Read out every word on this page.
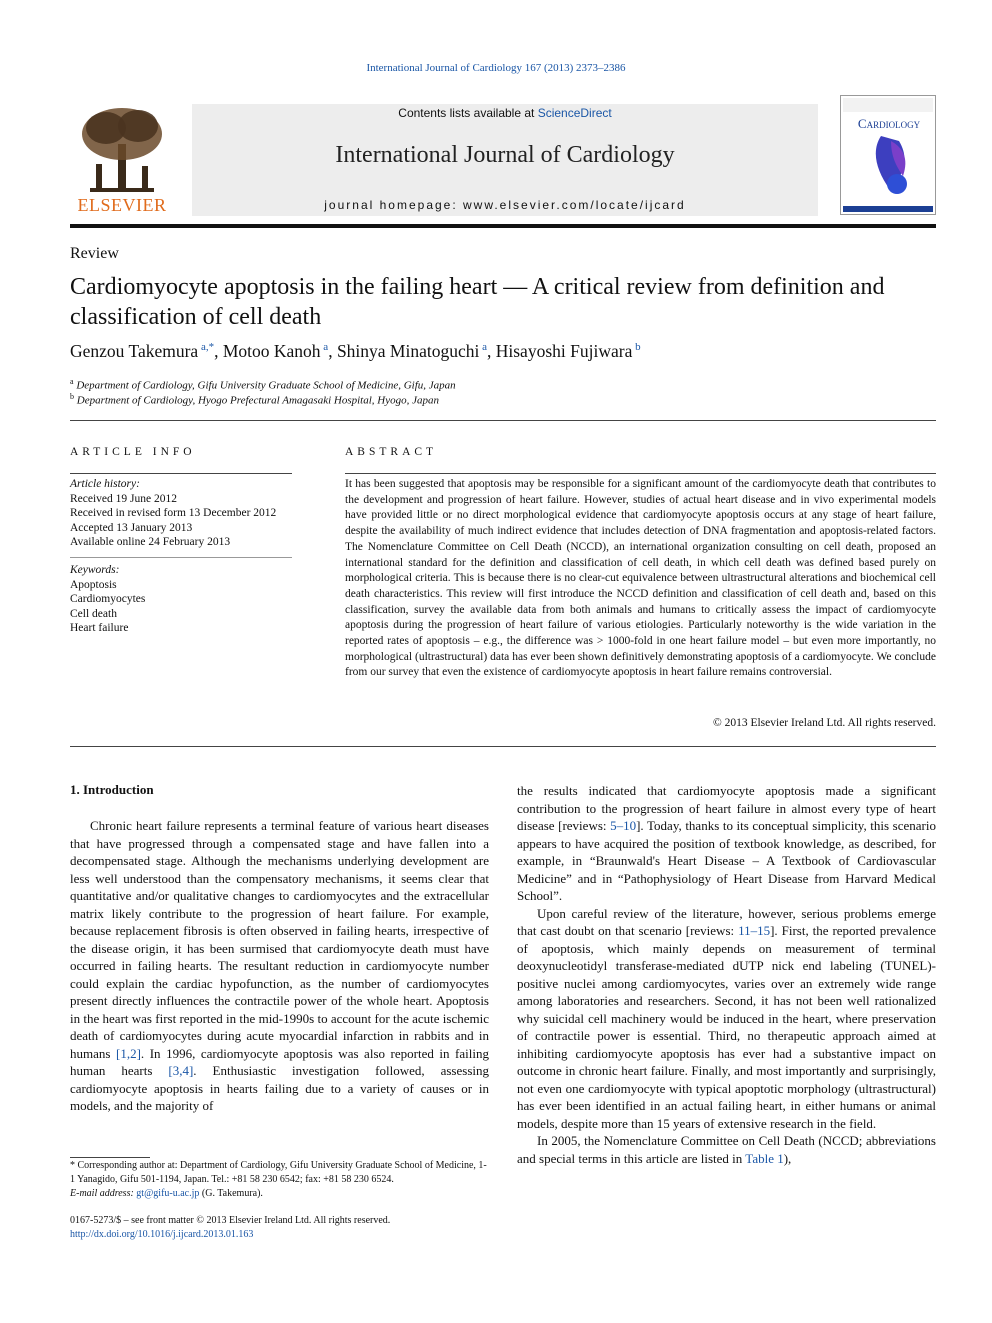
International Journal of Cardiology 167 (2013) 2373–2386
ELSEVIER
Contents lists available at ScienceDirect
International Journal of Cardiology
journal homepage: www.elsevier.com/locate/ijcard
Cardiology
Review
Cardiomyocyte apoptosis in the failing heart — A critical review from definition and classification of cell death
Genzou Takemura $^{a,*}$, Motoo Kanoh $^a$, Shinya Minatoguchi $^a$, Hisayoshi Fujiwara $^b$
$^a$ Department of Cardiology, Gifu University Graduate School of Medicine, Gifu, Japan
$^b$ Department of Cardiology, Hyogo Prefectural Amagasaki Hospital, Hyogo, Japan
ARTICLE INFO
Article history:
Received 19 June 2012
Received in revised form 13 December 2012
Accepted 13 January 2013
Available online 24 February 2013
Keywords:
Apoptosis
Cardiomyocytes
Cell death
Heart failure
ABSTRACT
It has been suggested that apoptosis may be responsible for a significant amount of the cardiomyocyte death that contributes to the development and progression of heart failure. However, studies of actual heart disease and in vivo experimental models have provided little or no direct morphological evidence that cardiomyocyte apoptosis occurs at any stage of heart failure, despite the availability of much indirect evidence that includes detection of DNA fragmentation and apoptosis-related factors. The Nomenclature Committee on Cell Death (NCCD), an international organization consulting on cell death, proposed an international standard for the definition and classification of cell death, in which cell death was defined based purely on morphological criteria. This is because there is no clear-cut equivalence between ultrastructural alterations and biochemical cell death characteristics. This review will first introduce the NCCD definition and classification of cell death and, based on this classification, survey the available data from both animals and humans to critically assess the impact of cardiomyocyte apoptosis during the progression of heart failure of various etiologies. Particularly noteworthy is the wide variation in the reported rates of apoptosis – e.g., the difference was > 1000-fold in one heart failure model – but even more importantly, no morphological (ultrastructural) data has ever been shown definitively demonstrating apoptosis of a cardiomyocyte. We conclude from our survey that even the existence of cardiomyocyte apoptosis in heart failure remains controversial.
© 2013 Elsevier Ireland Ltd. All rights reserved.
1. Introduction

Chronic heart failure represents a terminal feature of various heart diseases that have progressed through a compensated stage and have fallen into a decompensated stage. Although the mechanisms underlying development are less well understood than the compensatory mechanisms, it seems clear that quantitative and/or qualitative changes to cardiomyocytes and the extracellular matrix likely contribute to the progression of heart failure. For example, because replacement fibrosis is often observed in failing hearts, irrespective of the disease origin, it has been surmised that cardiomyocyte death must have occurred in failing hearts. The resultant reduction in cardiomyocyte number could explain the cardiac hypofunction, as the number of cardiomyocytes present directly influences the contractile power of the whole heart. Apoptosis in the heart was first reported in the mid-1990s to account for the acute ischemic death of cardiomyocytes during acute myocardial infarction in rabbits and in humans [1,2]. In 1996, cardiomyocyte apoptosis was also reported in failing human hearts [3,4]. Enthusiastic investigation followed, assessing cardiomyocyte apoptosis in hearts failing due to a variety of causes or in models, and the majority of

the results indicated that cardiomyocyte apoptosis made a significant contribution to the progression of heart failure in almost every type of heart disease [reviews: 5–10]. Today, thanks to its conceptual simplicity, this scenario appears to have acquired the position of textbook knowledge, as described, for example, in “Braunwald's Heart Disease – A Textbook of Cardiovascular Medicine” and in “Pathophysiology of Heart Disease from Harvard Medical School”.

Upon careful review of the literature, however, serious problems emerge that cast doubt on that scenario [reviews: 11–15]. First, the reported prevalence of apoptosis, which mainly depends on measurement of terminal deoxynucleotidyl transferase-mediated dUTP nick end labeling (TUNEL)-positive nuclei among cardiomyocytes, varies over an extremely wide range among laboratories and researchers. Second, it has not been well rationalized why suicidal cell machinery would be induced in the heart, where preservation of contractile power is essential. Third, no therapeutic approach aimed at inhibiting cardiomyocyte apoptosis has ever had a substantive impact on outcome in chronic heart failure. Finally, and most importantly and surprisingly, not even one cardiomyocyte with typical apoptotic morphology (ultrastructural) has ever been identified in an actual failing heart, in either humans or animal models, despite more than 15 years of extensive research in the field.

In 2005, the Nomenclature Committee on Cell Death (NCCD; abbreviations and special terms in this article are listed in Table 1),

* Corresponding author at: Department of Cardiology, Gifu University Graduate School of Medicine, 1-1 Yanagido, Gifu 501-1194, Japan. Tel.: +81 58 230 6542; fax: +81 58 230 6524.
E-mail address: gt@gifu-u.ac.jp (G. Takemura).
0167-5273/$ – see front matter © 2013 Elsevier Ireland Ltd. All rights reserved.
http://dx.doi.org/10.1016/j.ijcard.2013.01.163
